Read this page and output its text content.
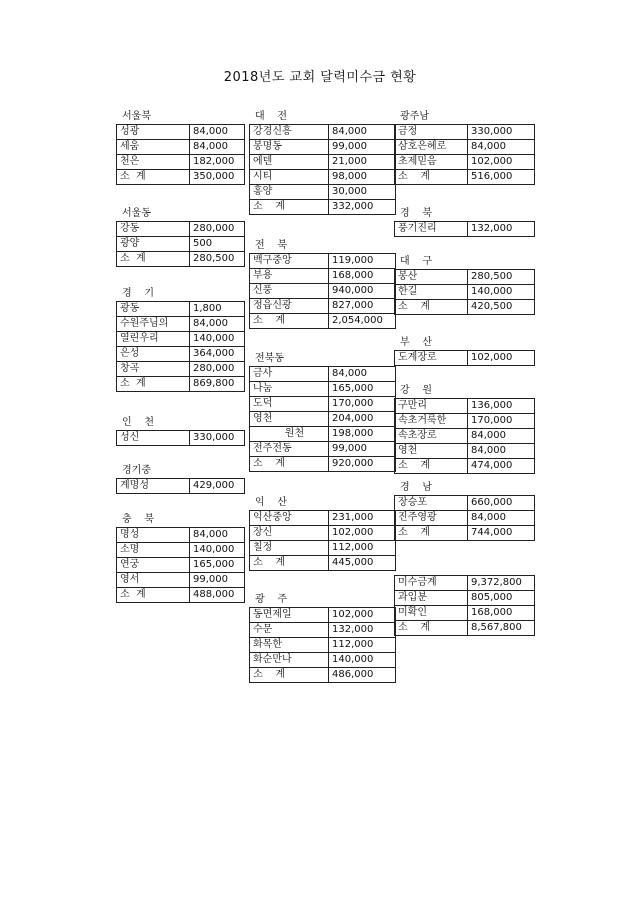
2018년도 교회 달력미수금 현황
서울북
성광	84,000
세움	84,000
천은	182,000
소  계	350,000
서울동
강동	280,000
광양	500
소  계	280,500
경    기
광동	1,800
수원주님의	84,000
열린우리	140,000
은성	364,000
창곡	280,000
소  계	869,800
인    천
성신	330,000
경기중
계명성	429,000
충    북
명성	84,000
소명	140,000
연궁	165,000
영서	99,000
소  계	488,000
대    전
강경신흥	84,000
봉명동	99,000
에덴	21,000
시티	98,000
홍양	30,000
소    계	332,000
전    북
백구중앙	119,000
부용	168,000
신풍	940,000
정읍신광	827,000
소    계	2,054,000
전북동
금사	84,000
나눔	165,000
도덕	170,000
영천	204,000
원천	198,000
전주전동	99,000
소    계	920,000
익    산
익산중앙	231,000
장신	102,000
칠정	112,000
소    계	445,000
광    주
동면제일	102,000
수문	132,000
화목한	112,000
화순만나	140,000
소    계	486,000
광주남
금정	330,000
삼호은혜로	84,000
초제믿음	102,000
소    계	516,000
경    북
풍기진리	132,000
대    구
봉산	280,500
한길	140,000
소    계	420,500
부    산
도계장로	102,000
강    원
구만리	136,000
속초거룩한	170,000
속초장로	84,000
영천	84,000
소    계	474,000
경    남
장승포	660,000
진주영광	84,000
소    계	744,000
미수금계	9,372,800
과입분	805,000
미확인	168,000
소    계	8,567,800
